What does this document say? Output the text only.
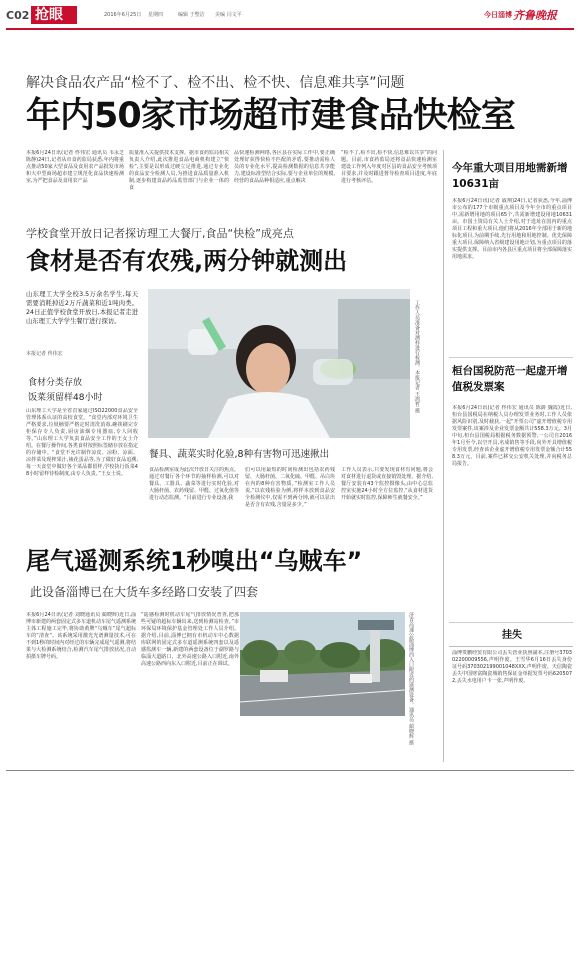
C02 抢眼	2016年6月25日 星期四	编辑 于整洁 美编 闫文平	今日淄博 齐鲁晚报
解决食品农产品“检不了、检不出、检不快、信息难共享”问题
年内50家市场超市建食品快检室
本报6月24日讯(记者 佟伟宏 通讯员 韦永芝 陈静)24日,记者从市食药监局获悉,年内将重点推动50家大型食品及食用农产品批发市场和大中型商场超市建立规范化食品快速检测室,为严把食品及食用农产品
质量准入关提供技术支撑。据市食药监局相关负责人介绍,此次推进食品电商机构建立“快检”,主要是以形成过硬立足推进,通过专业化的食品安全检测人员,为推进食品质量准入机制,逐步构建食品药品监管部门与企业一体的食
品快速检测网络,各区县在实际工作中,要正确处理好获得快检不匹配的矛盾,要推动需检人员的专业化水平,提高检测数据的信息共享能力,建设标准型结合实际,要与企业单位的规模,经营的食品品种相适应,重点解决
“检不了,检不出,检不快,信息难以共享”的问题。目前,市食药监局还将食品快速检测室建设工作列入年度对区县的食品安全考核项目要求,并及时跟进督导检查项目进度,年底进行考核评估。
学校食堂开放日记者探访理工大餐厅,食品“快检”成亮点
食材是否有农残,两分钟就测出
山东理工大学全校3.5万余名学生,每天需要消耗掉近2万斤蔬菜和近1吨肉类。24日正值学校食堂开放日,本报记者走进山东理工大学学生餐厅进行探访。
本报记者 佟伟宏
食材分类存放
饭菜须留样48小时
山东理工大学是全省首家通过ISO22000食品安全管理体系认证的高校食堂。“食堂内部对环境卫生严格要求,垃圾桶要严格定时清洗消毒,碗筷刷完专柜保存专人负责,厨房油烟专用器皿,专人回收等。”山东理工大学负责食品安全工作的王女士介绍。在餐厅操作间,各类食材按照标签储存放在指定的存储中。“食堂不允许制作凉皮、凉粉、凉面、凉拌菜及现榨果汁,裱花蛋品等,为了做好食品追溯,每一天食堂中做好各个菜品都留样,学校执行饭菜48小时留样待检制度,由专人负责。”王女士说。
工作人员准备对测样进行检测。本报记者 王鸿哲 摄
餐具、蔬菜实时化验,8种有害物可迅速揪出
食品检测室成为此次开放日关注的焦点。通过对餐厅各个环节的抽样检测,可以对餐具、工器具、蔬菜等进行实时化验,对大肠杆菌、农药残留、甲醛、过氧化值等进行动态监测。“目前进行专业设备,我
们可以用最短的时间检测出包括农药残留、大肠杆菌、二氧化硫、甲醛、吊白块在内的8种有害物质。”检测室工作人员说,“以农残检验为例,将样本放到食品安全检测仪中,仅需不到两分钟,就可以显出是否含有农残,含量是多少。”
工作人员表示,只要发现食材有问题,将会对食材进行退货或直接销毁处理。据介绍,餐厅安装有43个监控摄像头,由中心总监控室实施24小时全方位监控,“从食材进货开始就实时监控,保障师生就餐安全。”
尾气遥测系统1秒嗅出“乌贼车”
此设备淄博已在大货车多经路口安装了四套
本报6月24日讯(记者 刘晓通讯员 蔺晓辉)近日,淄博市新建的两套固定式多车道机动车尾气遥测系统主体工程施工完毕,将协助黄牌“乌贼车”尾气超标车的“清查”。该系统采用激光光谱测量技术,可在不到1秒的时间内对经过的车辆完成尾气遥测,将结果与大检测系统结合,检测汽车尾气排放状况,自动拍摄车牌号码。
“遥感检测时机动车尾气排放情况普查,把那些可疑的超标车辆出来,送到检测站检查。”市环保局环境保护基金管理处工作人员介绍。据介绍,目前,淄博已拥有市机动车中心数据库联网的固定式多车道遥测系统四套以及遥感监测车一辆,新建的两套设备位于湖罗路与临淄大道路口、北外高速公路入口附近,南外高速公路西向东入口附近,目前正在调试。	济青高速公路淄博西入口附近的遥测设备。通讯员 蔺晓辉 摄
今年重大项目用地需新增10631亩
本报6月24日讯(记者 戚翔)24日,记者获悉,今年,淄博市公布的177个市级重点项目及今年全市的重点项目中,需新增用地的项目65个,共需新增建设用地10631亩。市国土资局有关人士介绍,对于选址在国内的重点项目工程和重大项目,他们将从2016年全部用于新的地标化项目,为前期手续,先行用地和用地控制。优先保障重大项目,保障纳入省级建设用地计划,为重点项目的落实提供支撑。目前市内各县区重点项目将全部保障落实用地需求。
桓台国税防范一起虚开增值税发票案
本报6月24日讯(记者 佟伟宏 通讯员 陈爵 魏霞)近日,桓台县国税局在纳税人员办理发票业务时,工作人员依据风险识别,及时截获,一起“开票公司”虚开增值税专用发票案件,该案涉及企业发票金额共计558.3万元。3月中旬,桓台县国税局根据税务数据预警,一公司自2016年1月至今,以空开具,名成销售等手段,向外开具增值税专用发票,经查该企业虚开增值税专用发票金额合计558.3万元。目前,案件已移交公安机关处理,并向税务总局报告。
挂失
淄博贵鹏经贸有限公司丢失营业执照副本,注册号370302200009556,声明作废。王雪华6月16日丢失身份证号码370302199001048XXX,声明作废。天信陶瓷丢失中国财富陶瓷城销售保证金单据发票号码6205072,丢失水电用户卡一张,声明作废。
